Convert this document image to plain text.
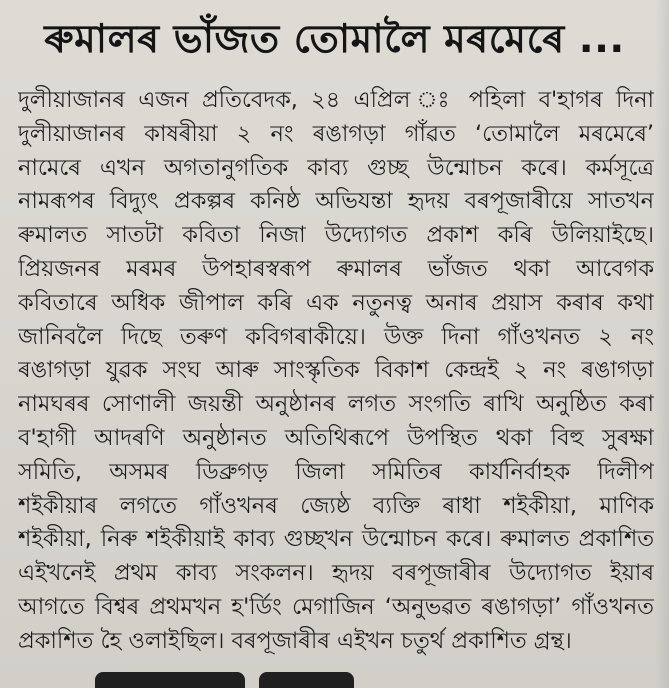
ৰুমালৰ ভাঁজত তোমালৈ মৰমেৰে ...
দুলীয়াজানৰ এজন প্ৰতিবেদক, ২৪ এপ্ৰিল ঃ পহিলা ব'হাগৰ দিনা
দুলীয়াজানৰ কাষৰীয়া ২ নং ৰঙাগড়া গাঁৱত ‘তোমালৈ মৰমেৰে’
নামেৰে এখন অগতানুগতিক কাব্য গুচ্ছ উন্মোচন কৰে। কৰ্মসূত্ৰে
নামৰূপৰ বিদ্যুৎ প্ৰকল্পৰ কনিষ্ঠ অভিযন্তা হৃদয় বৰপূজাৰীয়ে সাতখন
ৰুমালত সাতটা কবিতা নিজা উদ্যোগত প্ৰকাশ কৰি উলিয়াইছে।
প্ৰিয়জনৰ মৰমৰ উপহাৰস্বৰূপ ৰুমালৰ ভাঁজত থকা আবেগক
কবিতাৰে অধিক জীপাল কৰি এক নতুনত্ব অনাৰ প্ৰয়াস কৰাৰ কথা
জানিবলৈ দিছে তৰুণ কবিগৰাকীয়ে। উক্ত দিনা গাঁওখনত ২ নং
ৰঙাগড়া যুৱক সংঘ আৰু সাংস্কৃতিক বিকাশ কেন্দ্ৰই ২ নং ৰঙাগড়া
নামঘৰৰ সোণালী জয়ন্তী অনুষ্ঠানৰ লগত সংগতি ৰাখি অনুষ্ঠিত কৰা
ব'হাগী আদৰণি অনুষ্ঠানত অতিথিৰূপে উপস্থিত থকা বিহু সুৰক্ষা
সমিতি, অসমৰ ডিব্ৰুগড় জিলা সমিতিৰ কাৰ্যনিৰ্বাহক দিলীপ
শইকীয়াৰ লগতে গাঁওখনৰ জ্যেষ্ঠ ব্যক্তি ৰাধা শইকীয়া, মাণিক
শইকীয়া, নিৰু শইকীয়াই কাব্য গুচ্ছখন উন্মোচন কৰে। ৰুমালত প্ৰকাশিত
এইখনেই প্ৰথম কাব্য সংকলন। হৃদয় বৰপূজাৰীৰ উদ্যোগত ইয়াৰ
আগতে বিশ্বৰ প্ৰথমখন হ'ৰ্ডিং মেগাজিন ‘অনুভৱত ৰঙাগড়া’ গাঁওখনত
প্ৰকাশিত হৈ ওলাইছিল। বৰপূজাৰীৰ এইখন চতুৰ্থ প্ৰকাশিত গ্ৰন্থ।
